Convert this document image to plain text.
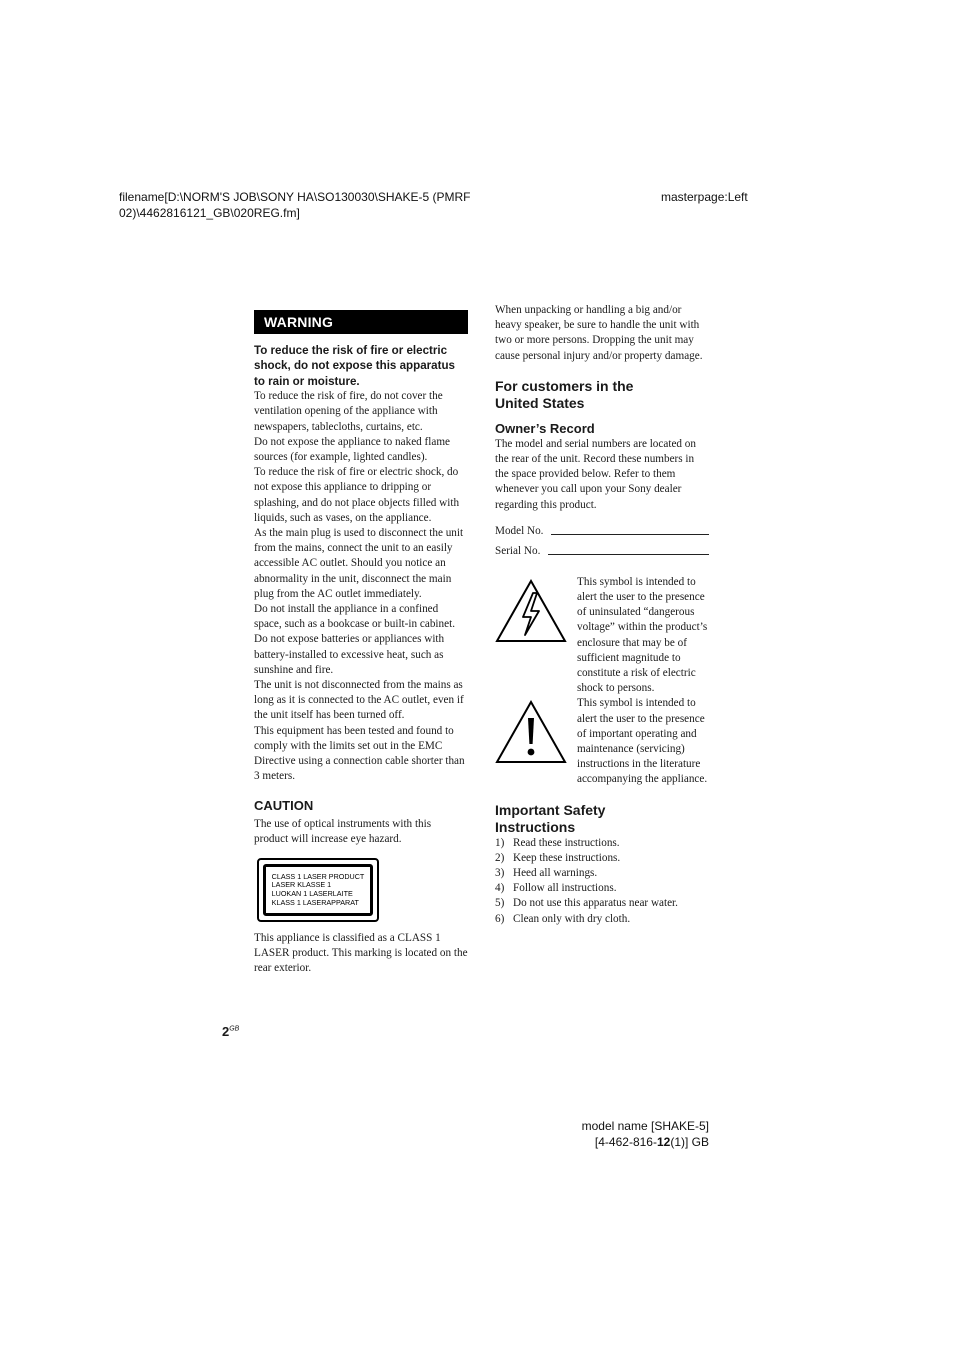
filename[D:\NORM'S JOB\SONY HA\SO130030\SHAKE-5 (PMRF
02)\4462816121_GB\020REG.fm]
masterpage:Left
WARNING

To reduce the risk of fire or electric shock, do not expose this apparatus to rain or moisture.

To reduce the risk of fire, do not cover the ventilation opening of the appliance with newspapers, tablecloths, curtains, etc.

Do not expose the appliance to naked flame sources (for example, lighted candles).

To reduce the risk of fire or electric shock, do not expose this appliance to dripping or splashing, and do not place objects filled with liquids, such as vases, on the appliance.

As the main plug is used to disconnect the unit from the mains, connect the unit to an easily accessible AC outlet. Should you notice an abnormality in the unit, disconnect the main plug from the AC outlet immediately.

Do not install the appliance in a confined space, such as a bookcase or built-in cabinet.

Do not expose batteries or appliances with battery-installed to excessive heat, such as sunshine and fire.

The unit is not disconnected from the mains as long as it is connected to the AC outlet, even if the unit itself has been turned off.

This equipment has been tested and found to comply with the limits set out in the EMC Directive using a connection cable shorter than 3 meters.

CAUTION

The use of optical instruments with this product will increase eye hazard.

CLASS 1 LASER PRODUCT
LASER KLASSE 1
LUOKAN 1 LASERLAITE
KLASS 1 LASERAPPARAT

This appliance is classified as a CLASS 1 LASER product. This marking is located on the rear exterior.

When unpacking or handling a big and/or heavy speaker, be sure to handle the unit with two or more persons. Dropping the unit may cause personal injury and/or property damage.

For customers in the United States
Owner’s Record

The model and serial numbers are located on the rear of the unit. Record these numbers in the space provided below. Refer to them whenever you call upon your Sony dealer regarding this product.

Model No.
Serial No.

This symbol is intended to alert the user to the presence of uninsulated “dangerous voltage” within the product’s enclosure that may be of sufficient magnitude to constitute a risk of electric shock to persons.

This symbol is intended to alert the user to the presence of important operating and maintenance (servicing) instructions in the literature accompanying the appliance.

Important Safety Instructions
1) Read these instructions.
2) Keep these instructions.
3) Heed all warnings.
4) Follow all instructions.
5) Do not use this apparatus near water.
6) Clean only with dry cloth.
$2^{GB}$
model name [SHAKE-5]
[4-462-816-12(1)] GB
